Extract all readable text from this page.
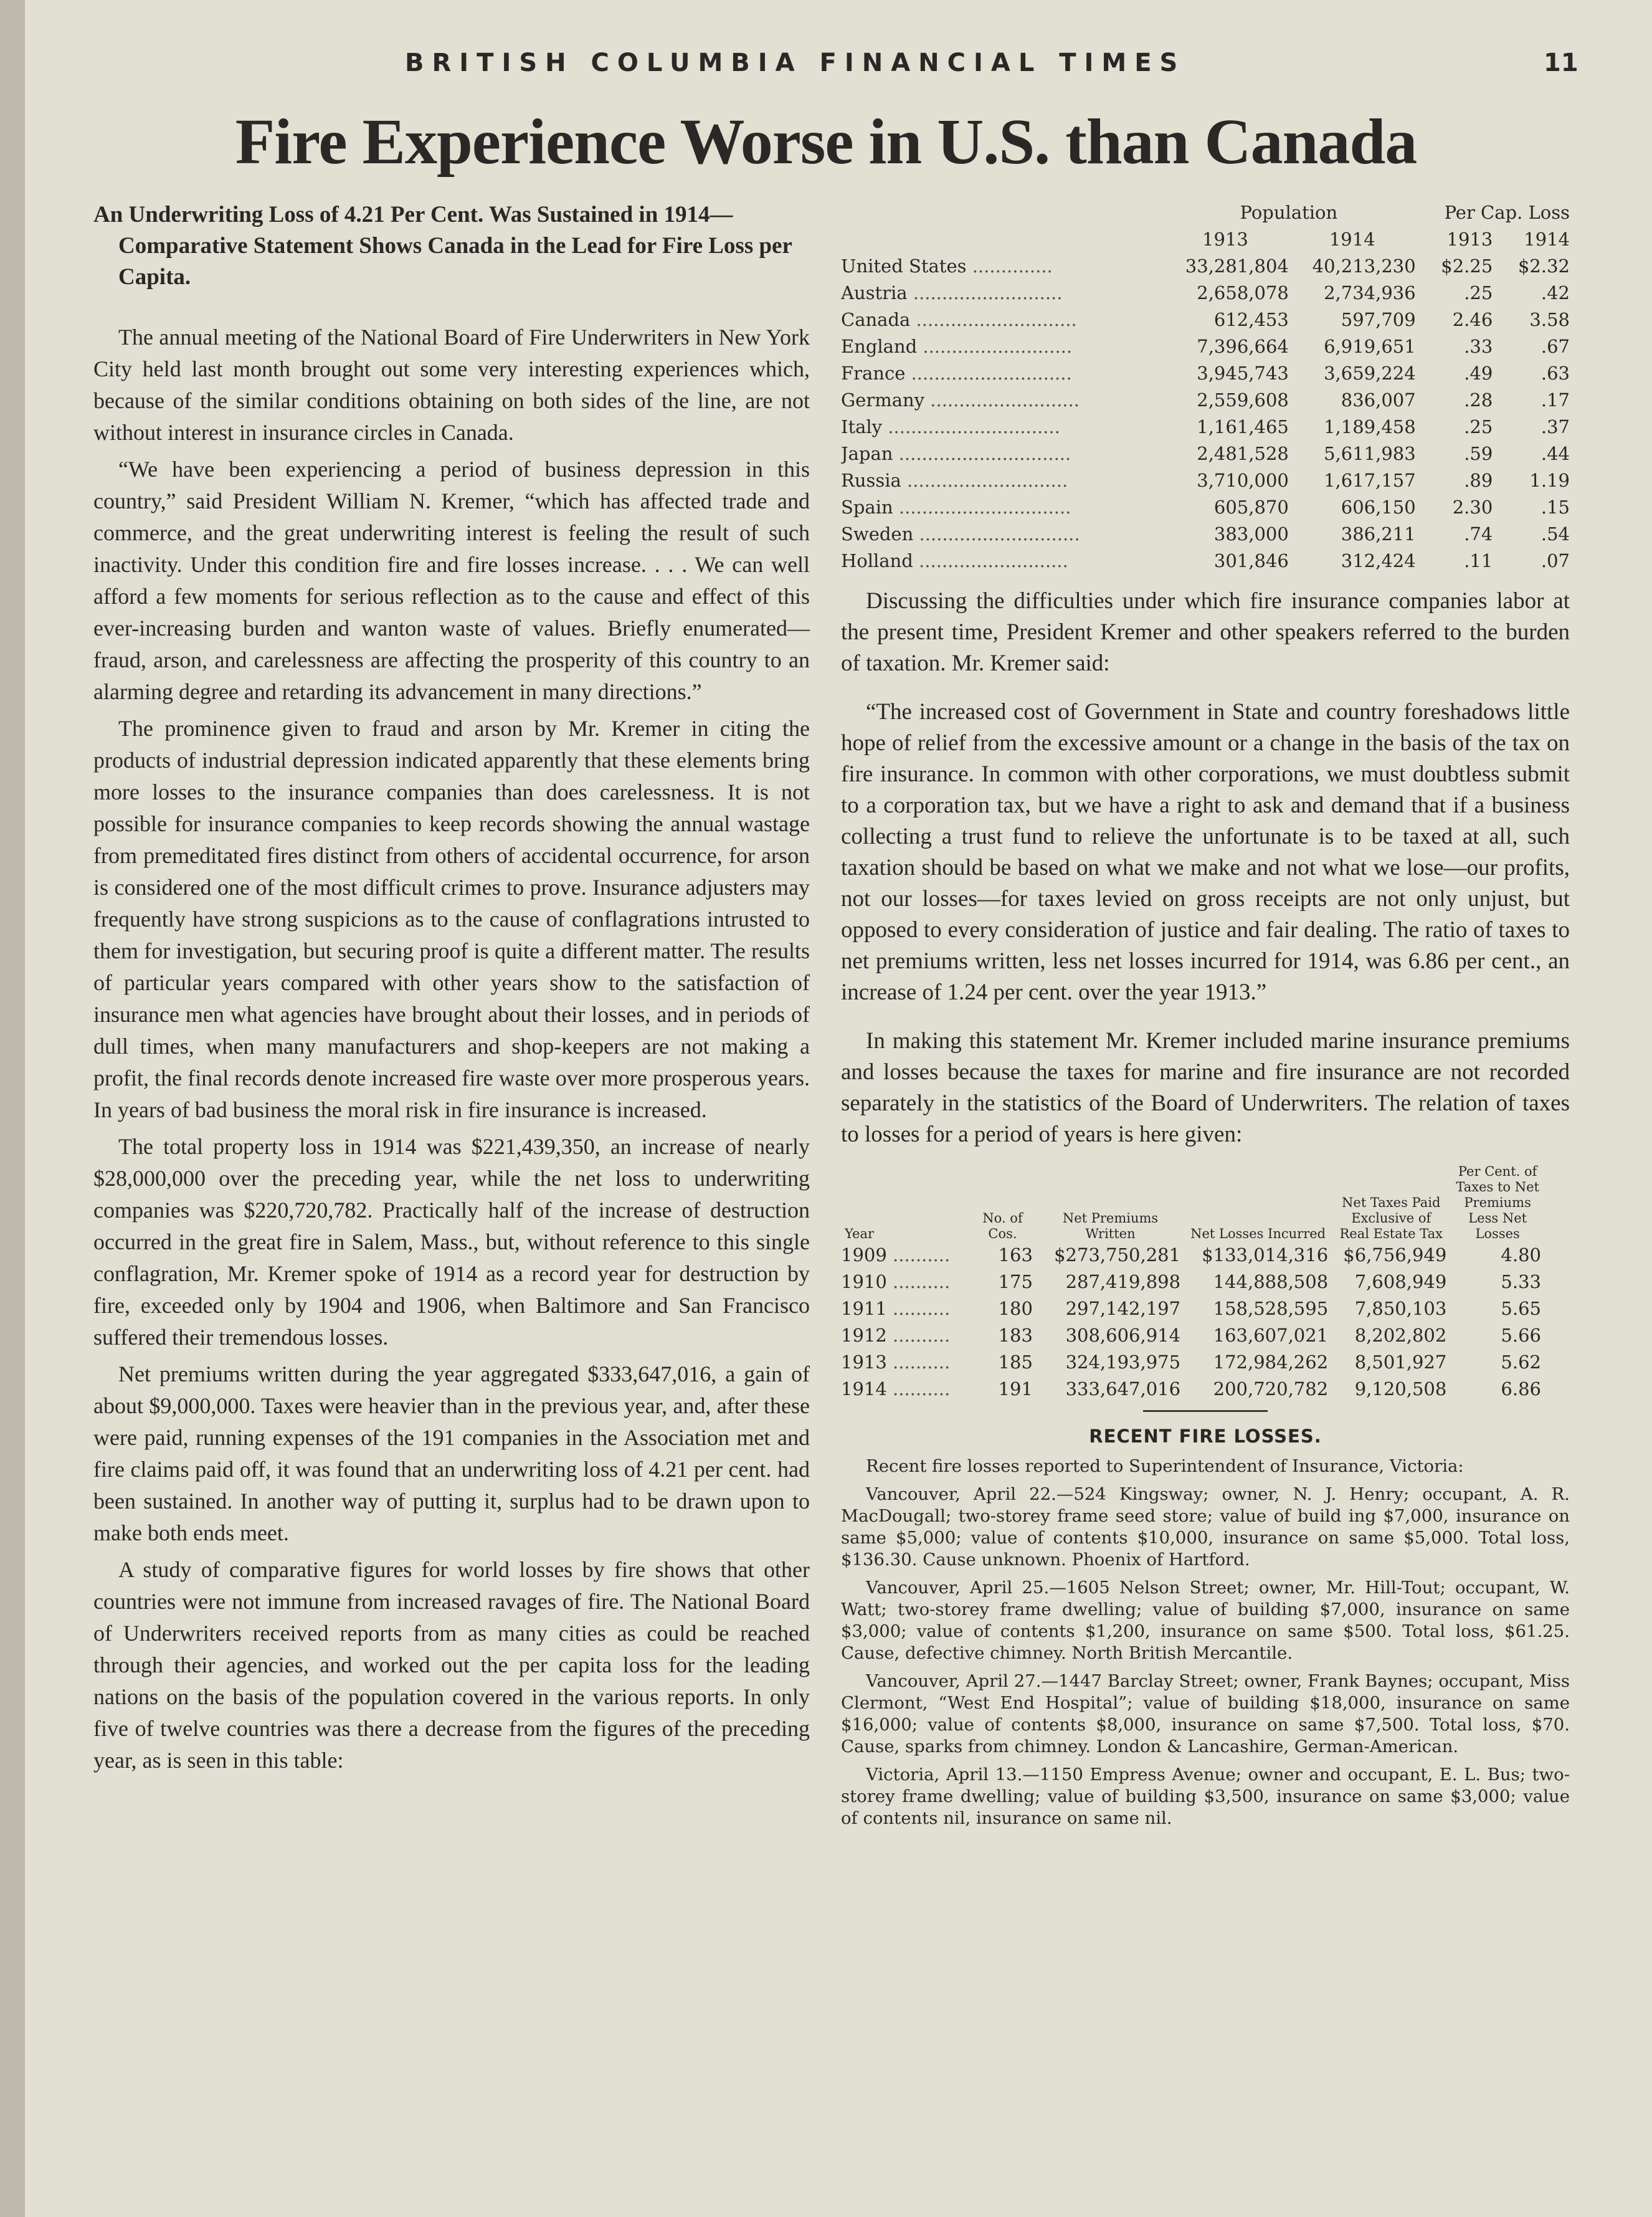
BRITISH COLUMBIA FINANCIAL TIMES	11
Fire Experience Worse in U.S. than Canada

An Underwriting Loss of 4.21 Per Cent. Was Sustained in 1914—Comparative Statement Shows Canada in the Lead for Fire Loss per Capita.

The annual meeting of the National Board of Fire Underwriters in New York City held last month brought out some very interesting experiences which, because of the similar conditions obtaining on both sides of the line, are not without interest in insurance circles in Canada.

“We have been experiencing a period of business depression in this country,” said President William N. Kremer, “which has affected trade and commerce, and the great underwriting interest is feeling the result of such inactivity. Under this condition fire and fire losses increase. . . . We can well afford a few moments for serious reflection as to the cause and effect of this ever-increasing burden and wanton waste of values. Briefly enumerated—fraud, arson, and carelessness are affecting the prosperity of this country to an alarming degree and retarding its advancement in many directions.”

The prominence given to fraud and arson by Mr. Kremer in citing the products of industrial depression indicated apparently that these elements bring more losses to the insurance companies than does carelessness. It is not possible for insurance companies to keep records showing the annual wastage from premeditated fires distinct from others of accidental occurrence, for arson is considered one of the most difficult crimes to prove. Insurance adjusters may frequently have strong suspicions as to the cause of conflagrations intrusted to them for investigation, but securing proof is quite a different matter. The results of particular years compared with other years show to the satisfaction of insurance men what agencies have brought about their losses, and in periods of dull times, when many manufacturers and shop-keepers are not making a profit, the final records denote increased fire waste over more prosperous years. In years of bad business the moral risk in fire insurance is increased.

The total property loss in 1914 was $221,439,350, an increase of nearly $28,000,000 over the preceding year, while the net loss to underwriting companies was $220,720,782. Practically half of the increase of destruction occurred in the great fire in Salem, Mass., but, without reference to this single conflagration, Mr. Kremer spoke of 1914 as a record year for destruction by fire, exceeded only by 1904 and 1906, when Baltimore and San Francisco suffered their tremendous losses.

Net premiums written during the year aggregated $333,647,016, a gain of about $9,000,000. Taxes were heavier than in the previous year, and, after these were paid, running expenses of the 191 companies in the Association met and fire claims paid off, it was found that an underwriting loss of 4.21 per cent. had been sustained. In another way of putting it, surplus had to be drawn upon to make both ends meet.

A study of comparative figures for world losses by fire shows that other countries were not immune from increased ravages of fire. The National Board of Underwriters received reports from as many cities as could be reached through their agencies, and worked out the per capita loss for the leading nations on the basis of the population covered in the various reports. In only five of twelve countries was there a decrease from the figures of the preceding year, as is seen in this table:

	Population		Per Cap. Loss	
	1913	1914	1913	1914
United States ..............	33,281,804	40,213,230	$2.25	$2.32
Austria ..........................	2,658,078	2,734,936	.25	.42
Canada ............................	612,453	597,709	2.46	3.58
England ..........................	7,396,664	6,919,651	.33	.67
France ............................	3,945,743	3,659,224	.49	.63
Germany ..........................	2,559,608	836,007	.28	.17
Italy ..............................	1,161,465	1,189,458	.25	.37
Japan ..............................	2,481,528	5,611,983	.59	.44
Russia ............................	3,710,000	1,617,157	.89	1.19
Spain ..............................	605,870	606,150	2.30	.15
Sweden ............................	383,000	386,211	.74	.54
Holland ..........................	301,846	312,424	.11	.07

Discussing the difficulties under which fire insurance companies labor at the present time, President Kremer and other speakers referred to the burden of taxation. Mr. Kremer said:

“The increased cost of Government in State and country foreshadows little hope of relief from the excessive amount or a change in the basis of the tax on fire insurance. In common with other corporations, we must doubtless submit to a corporation tax, but we have a right to ask and demand that if a business collecting a trust fund to relieve the unfortunate is to be taxed at all, such taxation should be based on what we make and not what we lose—our profits, not our losses—for taxes levied on gross receipts are not only unjust, but opposed to every consideration of justice and fair dealing. The ratio of taxes to net premiums written, less net losses incurred for 1914, was 6.86 per cent., an increase of 1.24 per cent. over the year 1913.”

In making this statement Mr. Kremer included marine insurance premiums and losses because the taxes for marine and fire insurance are not recorded separately in the statistics of the Board of Underwriters. The relation of taxes to losses for a period of years is here given:

Year	No. of Cos.	Net Premiums Written	Net Losses Incurred	Net Taxes Paid Exclusive of Real Estate Tax	Per Cent. of Taxes to Net Premiums Less Net Losses
1909 ..........	163	$273,750,281	$133,014,316	$6,756,949	4.80
1910 ..........	175	287,419,898	144,888,508	7,608,949	5.33
1911 ..........	180	297,142,197	158,528,595	7,850,103	5.65
1912 ..........	183	308,606,914	163,607,021	8,202,802	5.66
1913 ..........	185	324,193,975	172,984,262	8,501,927	5.62
1914 ..........	191	333,647,016	200,720,782	9,120,508	6.86
RECENT FIRE LOSSES.

Recent fire losses reported to Superintendent of Insurance, Victoria:

Vancouver, April 22.—524 Kingsway; owner, N. J. Henry; occupant, A. R. MacDougall; two-storey frame seed store; value of build ing $7,000, insurance on same $5,000; value of contents $10,000, insurance on same $5,000. Total loss, $136.30. Cause unknown. Phoenix of Hartford.

Vancouver, April 25.—1605 Nelson Street; owner, Mr. Hill-Tout; occupant, W. Watt; two-storey frame dwelling; value of building $7,000, insurance on same $3,000; value of contents $1,200, insurance on same $500. Total loss, $61.25. Cause, defective chimney. North British Mercantile.

Vancouver, April 27.—1447 Barclay Street; owner, Frank Baynes; occupant, Miss Clermont, “West End Hospital”; value of building $18,000, insurance on same $16,000; value of contents $8,000, insurance on same $7,500. Total loss, $70. Cause, sparks from chimney. London & Lancashire, German-American.

Victoria, April 13.—1150 Empress Avenue; owner and occupant, E. L. Bus; two-storey frame dwelling; value of building $3,500, insurance on same $3,000; value of contents nil, insurance on same nil.
